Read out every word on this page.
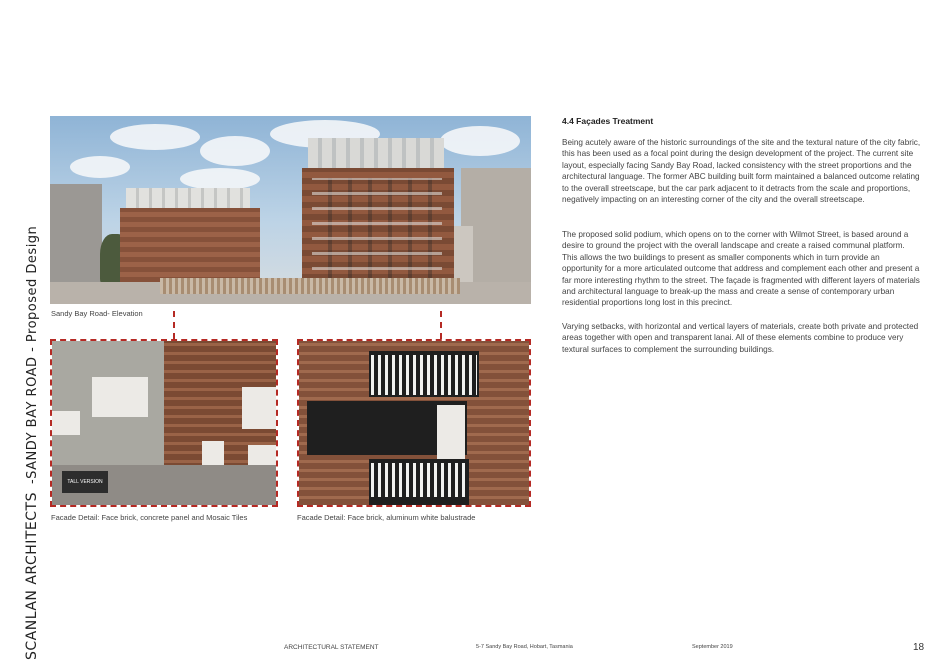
SCANLAN ARCHITECTS-SANDY BAY ROAD - Proposed Design	Sandy Bay Road- Elevation
TALL VERSION
Facade Detail: Face brick, concrete panel and Mosaic Tiles	Facade Detail: Face brick, aluminum white balustrade
4.4 Façades Treatment

Being acutely aware of the historic surroundings of the site and the textural nature of the city fabric, this has been used as a focal point during the design development of the project. The current site layout, especially facing Sandy Bay Road, lacked consistency with the street proportions and the architectural language. The former ABC building built form maintained a balanced outcome relating to the overall streetscape, but the car park adjacent to it detracts from the scale and proportions, negatively impacting on an interesting corner of the city and the overall streetscape.

The proposed solid podium, which opens on to the corner with Wilmot Street, is based around a desire to ground the project with the overall landscape and create a raised communal platform. This allows the two buildings to present as smaller components which in turn provide an opportunity for a more articulated outcome that address and complement each other and present a far more interesting rhythm to the street. The façade is fragmented with different layers of materials and architectural language to break-up the mass and create a sense of contemporary urban residential proportions long lost in this precinct.

Varying setbacks, with horizontal and vertical layers of materials, create both private and protected areas together with open and transparent lanai. All of these elements combine to produce very textural surfaces to complement the surrounding buildings.

ARCHITECTURAL STATEMENT	5-7 Sandy Bay Road, Hobart, Tasmania	September 2019	18
